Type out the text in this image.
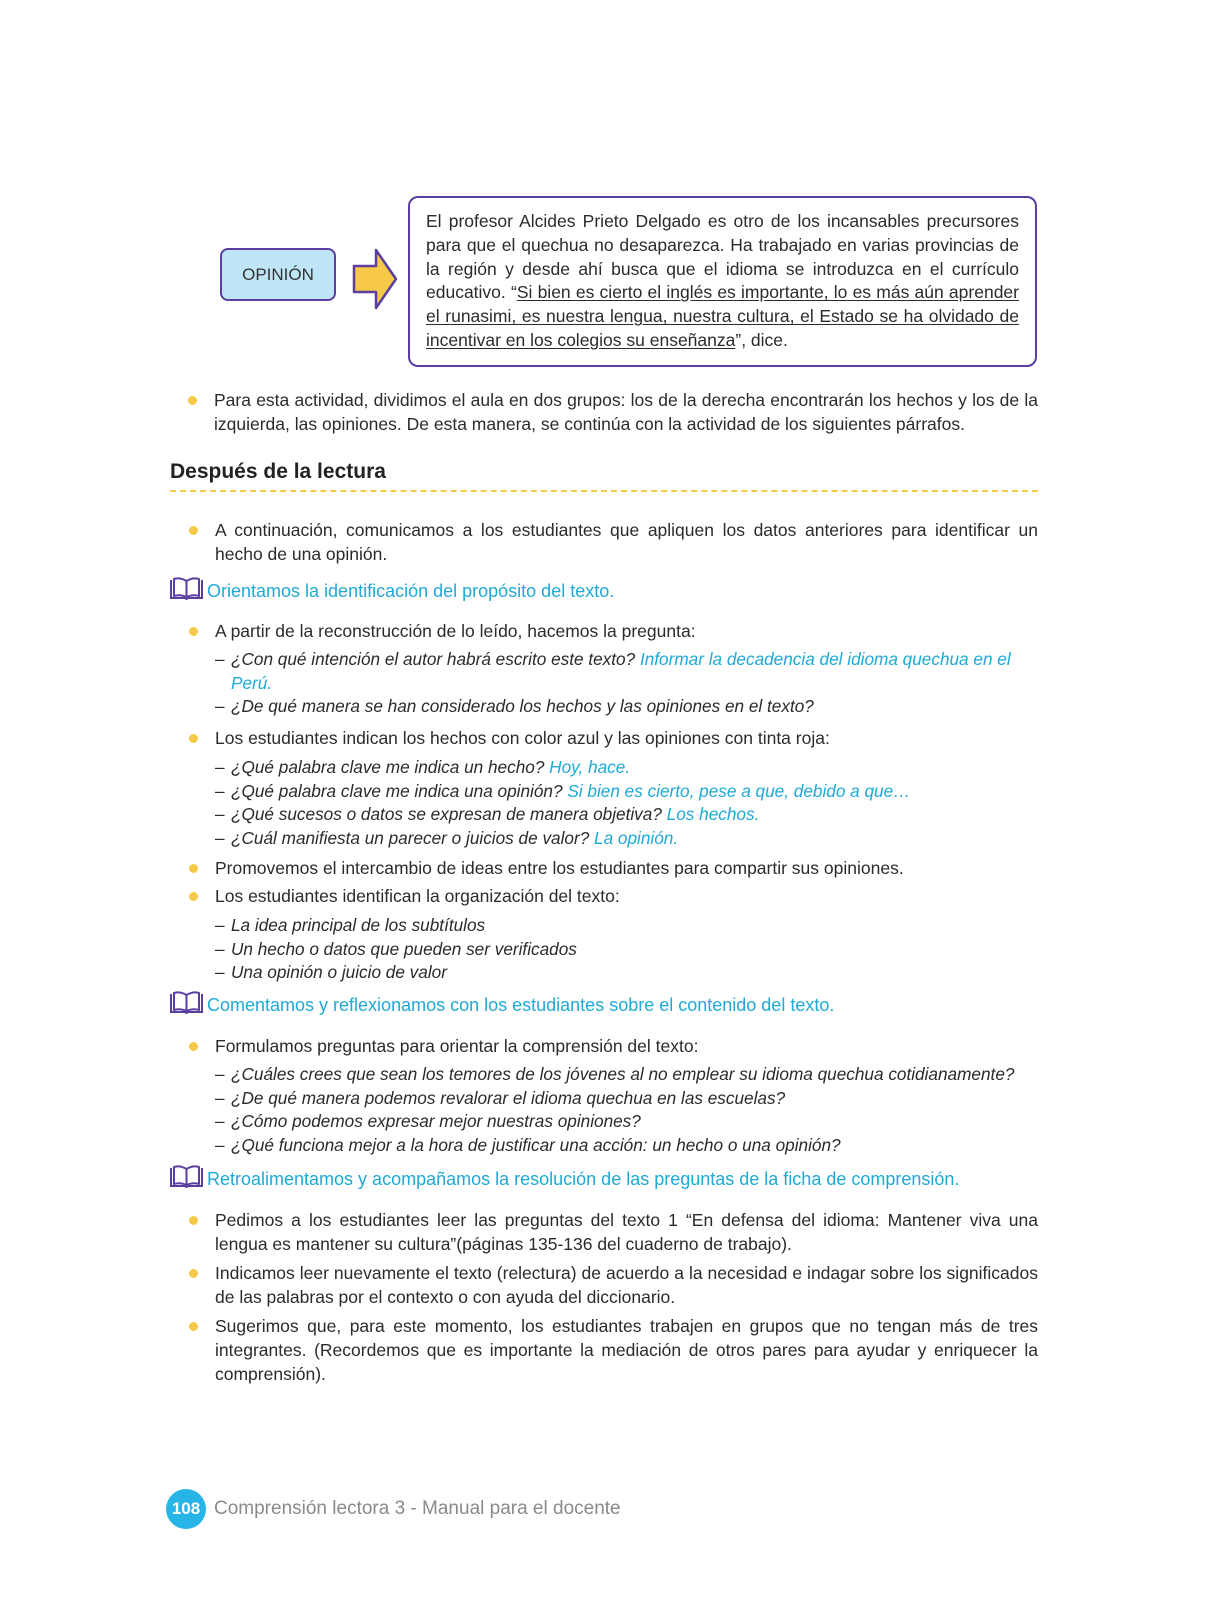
OPINIÓN
El profesor Alcides Prieto Delgado es otro de los incansables precursores para que el quechua no desaparezca. Ha trabajado en varias provincias de la región y desde ahí busca que el idioma se introduzca en el currículo educativo. “Si bien es cierto el inglés es importante, lo es más aún aprender el runasimi, es nuestra lengua, nuestra cultura, el Estado se ha olvidado de incentivar en los colegios su enseñanza”, dice.
Para esta actividad, dividimos el aula en dos grupos: los de la derecha encontrarán los hechos y los de la izquierda, las opiniones. De esta manera, se continúa con la actividad de los siguientes párrafos.
Después de la lectura
A continuación, comunicamos a los estudiantes que apliquen los datos anteriores para identificar un hecho de una opinión.
Orientamos la identificación del propósito del texto.
A partir de la reconstrucción de lo leído, hacemos la pregunta:
– ¿Con qué intención el autor habrá escrito este texto? Informar la decadencia del idioma quechua en el Perú.
– ¿De qué manera se han considerado los hechos y las opiniones en el texto?
Los estudiantes indican los hechos con color azul y las opiniones con tinta roja:
– ¿Qué palabra clave me indica un hecho? Hoy, hace.
– ¿Qué palabra clave me indica una opinión? Si bien es cierto, pese a que, debido a que…
– ¿Qué sucesos o datos se expresan de manera objetiva? Los hechos.
– ¿Cuál manifiesta un parecer o juicios de valor? La opinión.
Promovemos el intercambio de ideas entre los estudiantes para compartir sus opiniones.
Los estudiantes identifican la organización del texto:
– La idea principal de los subtítulos
– Un hecho o datos que pueden ser verificados
– Una opinión o juicio de valor
Comentamos y reflexionamos con los estudiantes sobre el contenido del texto.
Formulamos preguntas para orientar la comprensión del texto:
– ¿Cuáles crees que sean los temores de los jóvenes al no emplear su idioma quechua cotidianamente?
– ¿De qué manera podemos revalorar el idioma quechua en las escuelas?
– ¿Cómo podemos expresar mejor nuestras opiniones?
– ¿Qué funciona mejor a la hora de justificar una acción: un hecho o una opinión?
Retroalimentamos y acompañamos la resolución de las preguntas de la ficha de comprensión.
Pedimos a los estudiantes leer las preguntas del texto 1 “En defensa del idioma: Mantener viva una lengua es mantener su cultura”(páginas 135-136 del cuaderno de trabajo).
Indicamos leer nuevamente el texto (relectura) de acuerdo a la necesidad e indagar sobre los significados de las palabras por el contexto o con ayuda del diccionario.
Sugerimos que, para este momento, los estudiantes trabajen en grupos que no tengan más de tres integrantes. (Recordemos que es importante la mediación de otros pares para ayudar y enriquecer la comprensión).
108 Comprensión lectora 3 - Manual para el docente
